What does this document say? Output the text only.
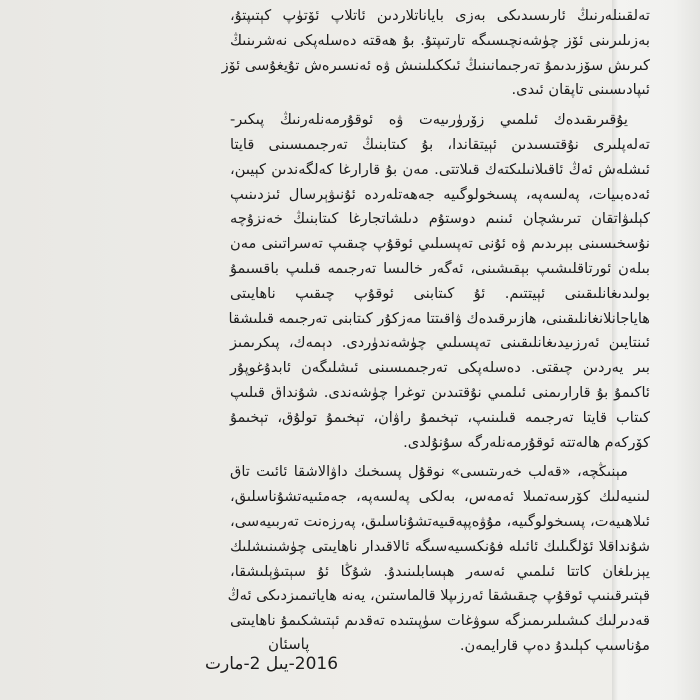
تەلقىنلەرنىڭ ئارىسىدىكى بەزى باياناتلاردىن ئاتلاپ ئۆتۈپ كېتىپتۇ،
بەزىلىرىنى ئۆز چۈشەنچىسىگە تارتىپتۇ. بۇ ھەقتە دەسلەپكى نەشرىنىڭ
كىرىش سۆزىدىمۇ تەرجىمانىنىڭ ئىككىلىنىش ۋە ئەنسىرەش تۇيغۇسى ئۆز
ئىپادىسىنى تاپقان ئىدى.
يۇقىرىقىدەك ئىلمىي زۆرۈرىيەت ۋە ئوقۇرمەنلەرنىڭ پىكىر-
تەلەپلىرى نۇقتىسىدىن ئېيتقاندا، بۇ كىتابنىڭ تەرجىمىسىنى قايتا
ئىشلەش ئەڭ ئاقىلانىلىكتەك قىلاتتى. مەن بۇ قارارغا كەلگەندىن كېيىن،
ئەدەبىيات، پەلسەپە، پسىخولوگىيە جەھەتلەردە ئۇنىۋېرسال ئىزدىنىپ
كېلىۋاتقان تىرىشچان ئىنىم دوستۇم دىلشاتجارغا كىتابنىڭ خەنزۇچە
نۇسخىسىنى بېرىدىم ۋە ئۇنى تەپسىلىي ئوقۇپ چىقىپ تەسراتىنى مەن
بىلەن ئورتاقلىشىپ بېقىشىنى، ئەگەر خالىسا تەرجىمە قىلىپ باقسىمۇ
بولىدىغانلىقىنى ئېيتتىم. ئۇ كىتابنى ئوقۇپ چىقىپ ناھايىتى
ھاياجانلانغانلىقىنى، ھازىرقىدەك ۋاقىتتا مەزكۇر كىتابنى تەرجىمە قىلىشقا
ئىنتايىن ئەرزىيدىغانلىقىنى تەپسىلىي چۈشەندۈردى. دېمەك، پىكرىمىز
بىر يەردىن چىقتى. دەسلەپكى تەرجىمىسىنى ئىشلىگەن ئابدۇغوپۇر
ئاكىمۇ بۇ قارارىمنى ئىلمىي نۇقتىدىن توغرا چۈشەندى. شۇنداق قىلىپ
كىتاب قايتا تەرجىمە قىلىنىپ، تېخىمۇ راۋان، تېخىمۇ تولۇق، تېخىمۇ
كۆركەم ھالەتتە ئوقۇرمەنلەرگە سۇنۇلدى.
مېنىڭچە، «قەلب خەرىتىسى» نوقۇل پسىخىك داۋالاشقا ئائىت تاق
لىنىيەلىك كۆرسەتمىلا ئەمەس، بەلكى پەلسەپە، جەمئىيەتشۇناسلىق،
ئىلاھىيەت، پسىخولوگىيە، مۇۋەپپەقىيەتشۇناسلىق، پەرزەنت تەربىيەسى،
شۇنداقلا ئۆلگىلىك ئائىلە فۇنكسىيەسىگە ئالاقىدار ناھايىتى چۈشىنىشلىك
يېزىلغان كاتتا ئىلمىي ئەسەر ھېسابلىنىدۇ. شۇڭا ئۇ سېتىۋېلىشقا،
قېتىرقىنىپ ئوقۇپ چىقىشقا ئەرزىپلا قالماستىن، يەنە ھاياتىمىزدىكى ئەڭ
قەدىرلىك كىشىلىرىمىزگە سوۋغات سۈپىتىدە تەقدىم ئېتىشكىمۇ ناھايىتى
مۇناسىپ كېلىدۇ دەپ قارايمەن.
پاسئان
2016-يىل 2-مارت
